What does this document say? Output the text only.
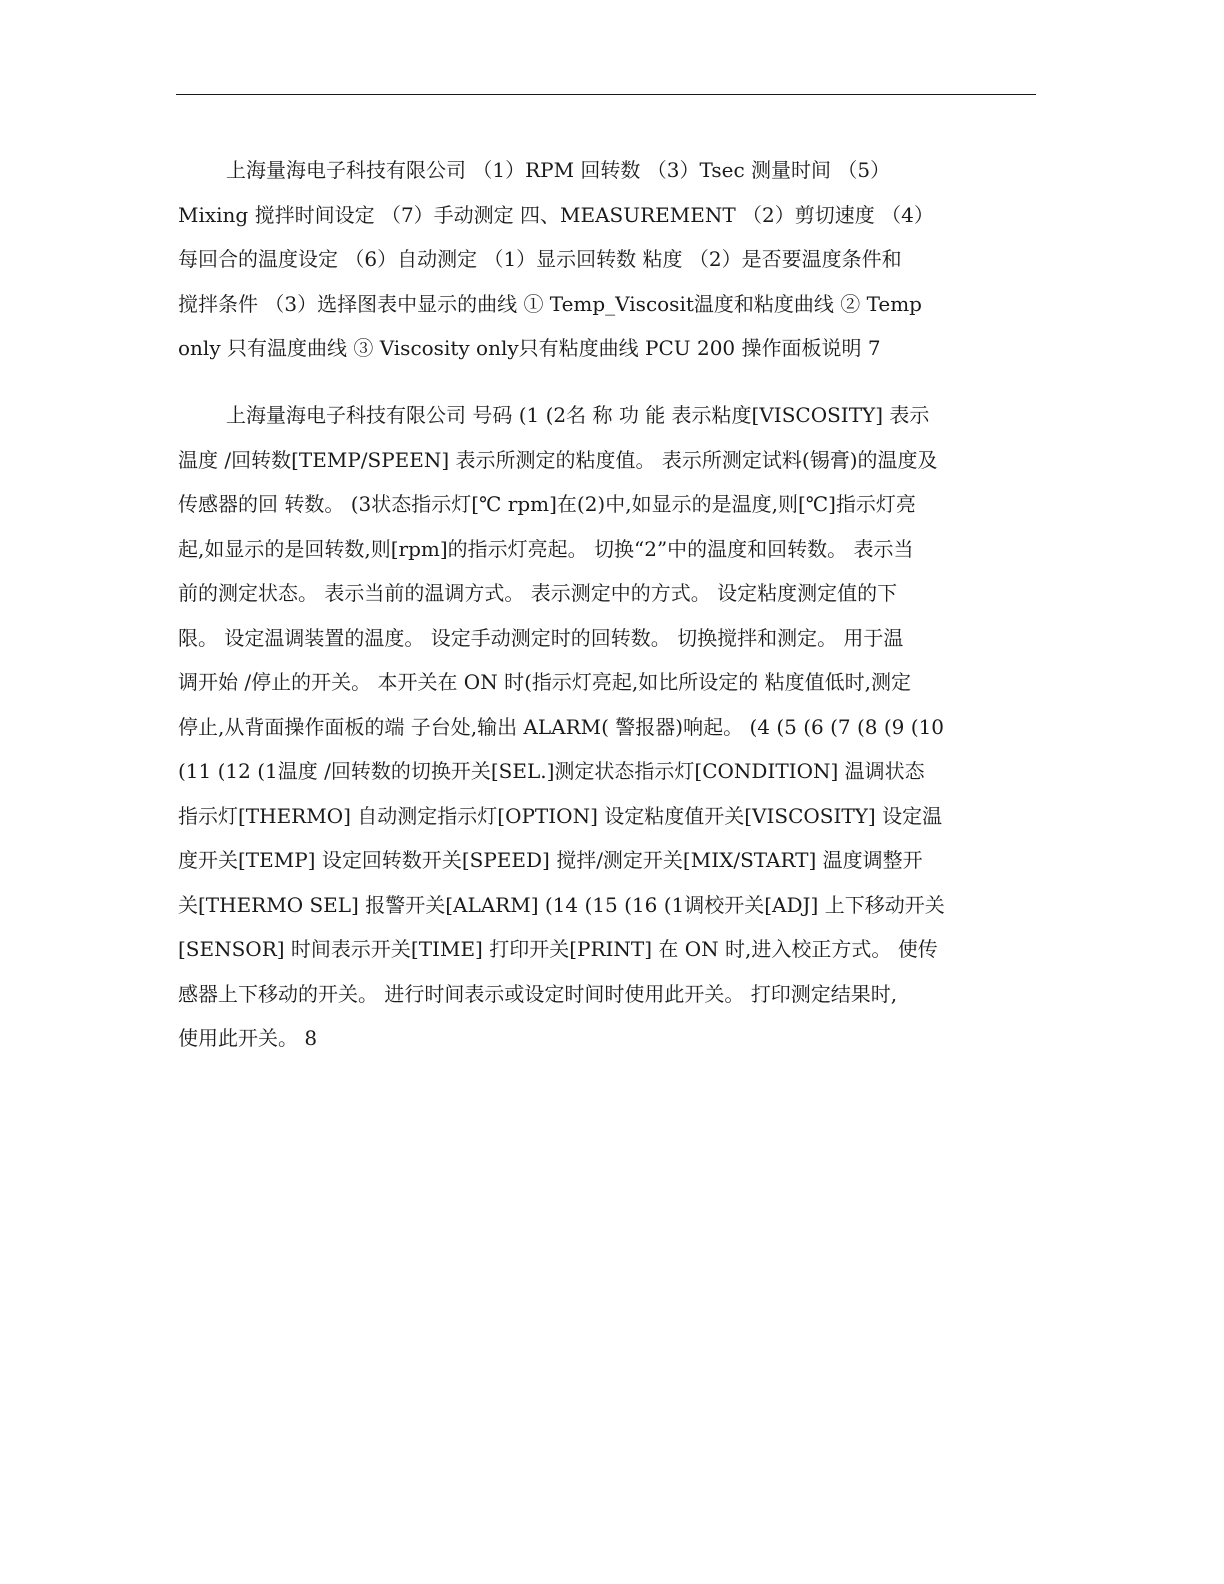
上海量海电子科技有限公司 （1）RPM 回转数 （3）Tsec 测量时间 （5）
Mixing 搅拌时间设定 （7）手动测定 四、MEASUREMENT （2）剪切速度 （4）
每回合的温度设定 （6）自动测定 （1）显示回转数 粘度 （2）是否要温度条件和
搅拌条件 （3）选择图表中显示的曲线 ① Temp_Viscosit温度和粘度曲线 ② Temp
only 只有温度曲线 ③ Viscosity only只有粘度曲线 PCU 200 操作面板说明 7

上海量海电子科技有限公司 号码 (1 (2名 称 功 能 表示粘度[VISCOSITY] 表示
温度 /回转数[TEMP/SPEEN] 表示所测定的粘度值。 表示所测定试料(锡膏)的温度及
传感器的回 转数。 (3状态指示灯[℃ rpm]在(2)中,如显示的是温度,则[℃]指示灯亮
起,如显示的是回转数,则[rpm]的指示灯亮起。 切换“2”中的温度和回转数。 表示当
前的测定状态。 表示当前的温调方式。 表示测定中的方式。 设定粘度测定值的下
限。 设定温调装置的温度。 设定手动测定时的回转数。 切换搅拌和测定。 用于温
调开始 /停止的开关。 本开关在 ON 时(指示灯亮起,如比所设定的 粘度值低时,测定
停止,从背面操作面板的端 子台处,输出 ALARM( 警报器)响起。 (4 (5 (6 (7 (8 (9 (10
(11 (12 (1温度 /回转数的切换开关[SEL.]测定状态指示灯[CONDITION] 温调状态
指示灯[THERMO] 自动测定指示灯[OPTION] 设定粘度值开关[VISCOSITY] 设定温
度开关[TEMP] 设定回转数开关[SPEED] 搅拌/测定开关[MIX/START] 温度调整开
关[THERMO SEL] 报警开关[ALARM] (14 (15 (16 (1调校开关[ADJ] 上下移动开关
[SENSOR] 时间表示开关[TIME] 打印开关[PRINT] 在 ON 时,进入校正方式。 使传
感器上下移动的开关。 进行时间表示或设定时间时使用此开关。 打印测定结果时,
使用此开关。 8
